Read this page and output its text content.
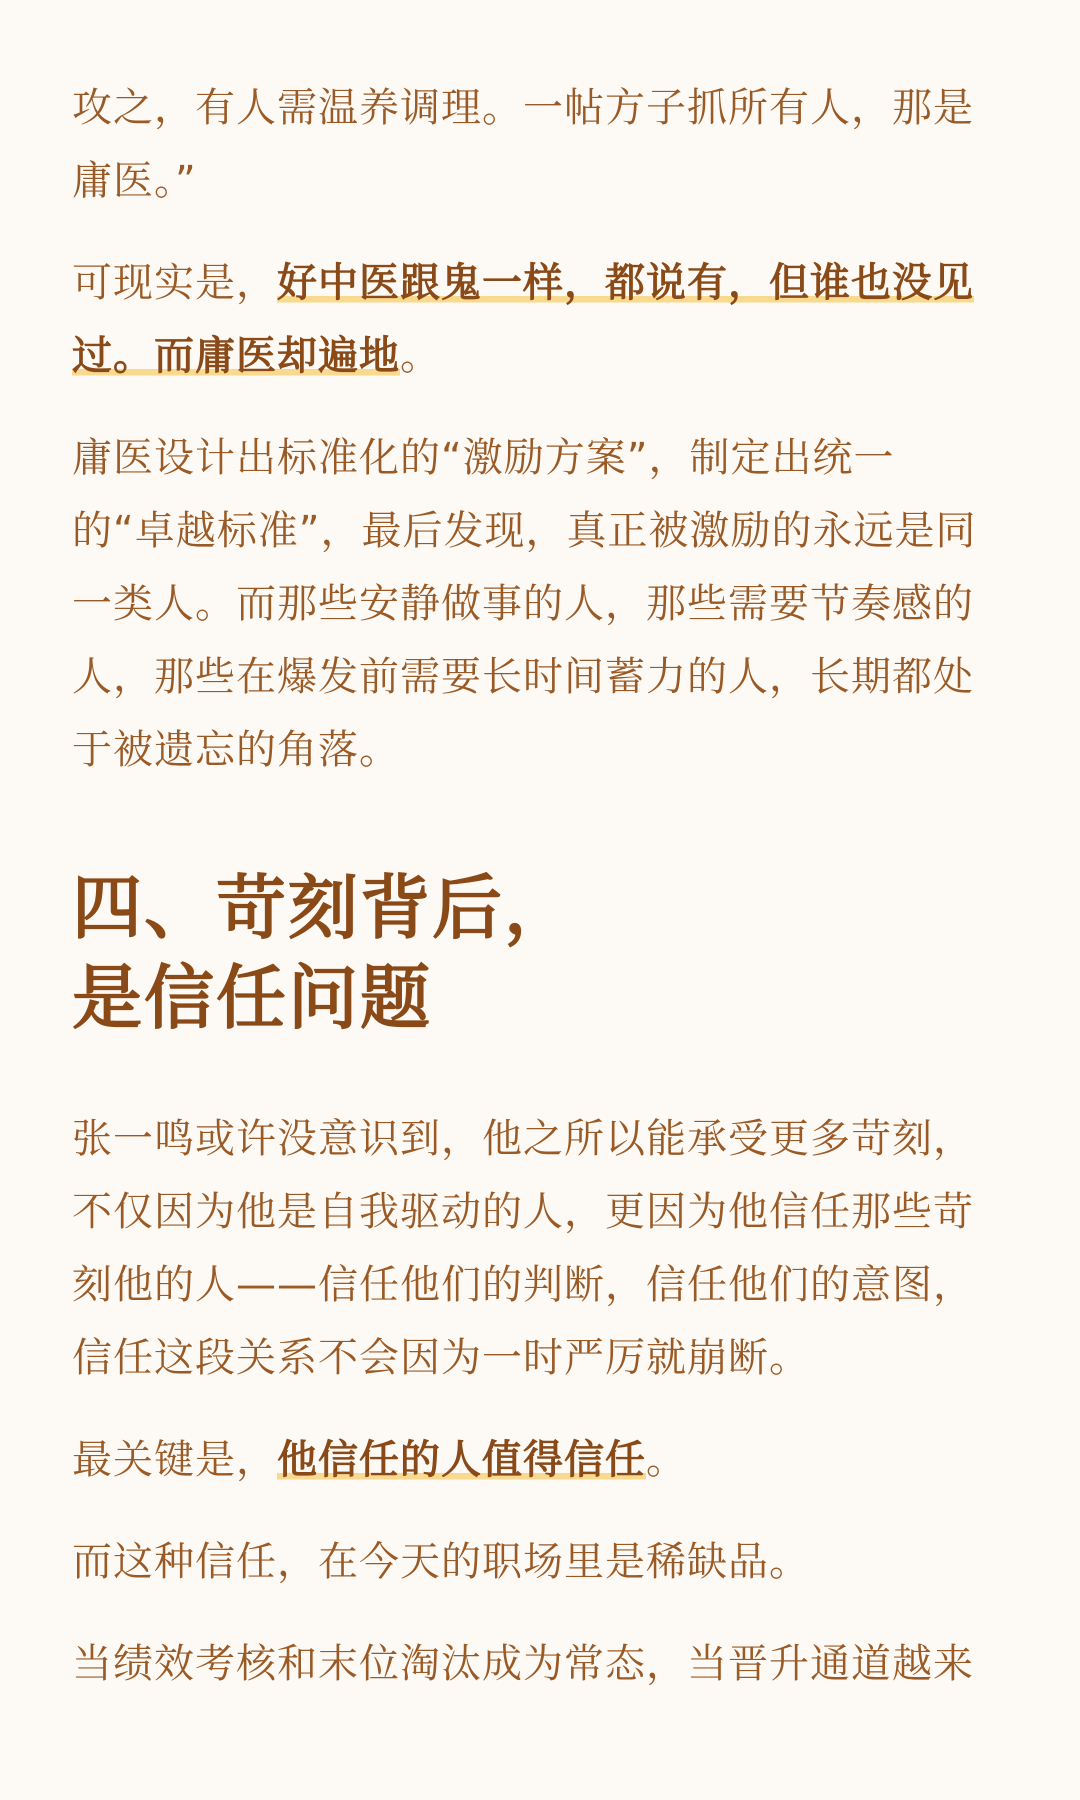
攻之，有人需温养调理。一帖方子抓所有人，那是庸医。”

可现实是，好中医跟鬼一样，都说有，但谁也没见过。而庸医却遍地。

庸医设计出标准化的“激励方案”，制定出统一的“卓越标准”，最后发现，真正被激励的永远是同一类人。而那些安静做事的人，那些需要节奏感的人，那些在爆发前需要长时间蓄力的人，长期都处于被遗忘的角落。

四、苛刻背后，
是信任问题

张一鸣或许没意识到，他之所以能承受更多苛刻，不仅因为他是自我驱动的人，更因为他信任那些苛刻他的人——信任他们的判断，信任他们的意图，信任这段关系不会因为一时严厉就崩断。

最关键是，他信任的人值得信任。

而这种信任，在今天的职场里是稀缺品。

当绩效考核和末位淘汰成为常态，当晋升通道越来
